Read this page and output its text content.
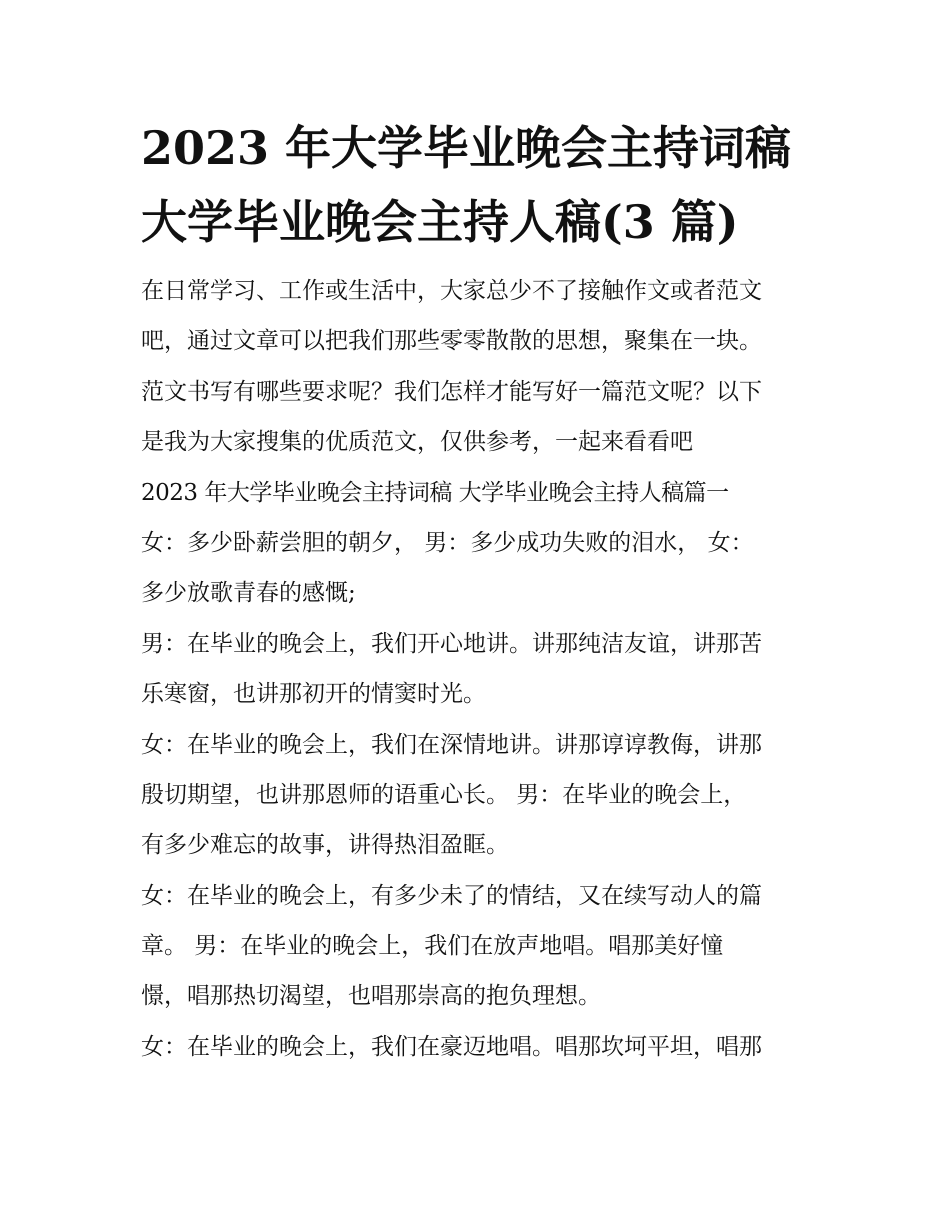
2023 年大学毕业晚会主持词稿
大学毕业晚会主持人稿(3 篇)
在日常学习、工作或生活中，大家总少不了接触作文或者范文
吧，通过文章可以把我们那些零零散散的思想，聚集在一块。
范文书写有哪些要求呢？我们怎样才能写好一篇范文呢？以下
是我为大家搜集的优质范文，仅供参考，一起来看看吧
2023 年大学毕业晚会主持词稿 大学毕业晚会主持人稿篇一
女：多少卧薪尝胆的朝夕， 男：多少成功失败的泪水， 女：
多少放歌青春的感慨;
男：在毕业的晚会上，我们开心地讲。讲那纯洁友谊，讲那苦
乐寒窗，也讲那初开的情窦时光。
女：在毕业的晚会上，我们在深情地讲。讲那谆谆教侮，讲那
殷切期望，也讲那恩师的语重心长。 男：在毕业的晚会上，
有多少难忘的故事，讲得热泪盈眶。
女：在毕业的晚会上，有多少未了的情结，又在续写动人的篇
章。 男：在毕业的晚会上，我们在放声地唱。唱那美好憧
憬，唱那热切渴望，也唱那崇高的抱负理想。
女：在毕业的晚会上，我们在豪迈地唱。唱那坎坷平坦，唱那
